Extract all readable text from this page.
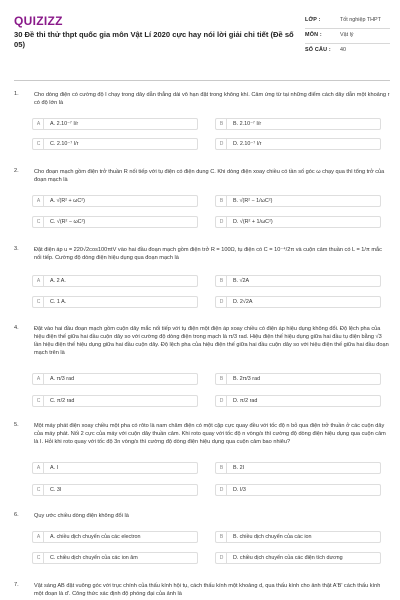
QUIZIZZ
30 Đề thi thử thpt quốc gia môn Vật Lí 2020 cực hay nói lời giải chi tiết (Đề số 05)
LỚP :	Tốt nghiệp THPT
MÔN :	Vật lý
SỐ CÂU :	40
1.	Cho dòng điện có cường độ I chạy trong dây dẫn thẳng dài vô hạn đặt trong không khí. Cảm ứng từ tại những điểm cách dây dẫn một khoảng r có độ lớn là
A	A. 2.10⁻⁷ I/r	B	B. 2.10⁻⁷ I/r
C	C. 2.10⁻⁷ I/r	D	D. 2.10⁻⁷ I/r
2.	Cho đoạn mạch gồm điện trở thuần R nối tiếp với tụ điện có điện dung C. Khi dòng điện xoay chiều có tần số góc ω chạy qua thì tổng trở của đoạn mạch là
A	A. √(R² + ωC²)	B	B. √(R² − 1/ωC²)
C	C. √(R² − ωC²)	D	D. √(R² + 1/ωC²)
3.	Đặt điện áp u = 220√2cos100πtV vào hai đầu đoạn mạch gồm điện trở R = 100Ω, tụ điện có C = 10⁻⁴/2π và cuộn cảm thuần có L = 1/π mắc nối tiếp. Cường độ dòng điện hiệu dụng qua đoạn mạch là
A	A. 2 A.	B	B. √2A
C	C. 1 A.	D	D. 2√2A
4.	Đặt vào hai đầu đoạn mạch gồm cuộn dây mắc nối tiếp với tụ điện một điện áp xoay chiều có điện áp hiệu dụng không đổi. Độ lệch pha của hiệu điện thế giữa hai đầu cuộn dây so với cường độ dòng điện trong mạch là π/3 rad. Hiệu điện thế hiệu dụng giữa hai đầu tụ điện bằng √3 lần hiệu điện thế hiệu dụng giữa hai đầu cuộn dây. Độ lệch pha của hiệu điện thế giữa hai đầu cuộn dây so với hiệu điện thế giữa hai đầu đoạn mạch trên là
A	A. π/3 rad	B	B. 2π/3 rad
C	C. π/2 rad	D	D. π/2 rad
5.	Một máy phát điện xoay chiều một pha có rôto là nam châm điện có một cặp cực quay đều với tốc độ n bỏ qua điện trở thuần ở các cuộn dây của máy phát. Nối 2 cực của máy với cuộn dây thuần cảm. Khi roto quay với tốc độ n vòng/s thì cường độ dòng điện hiệu dụng qua cuộn cảm là I. Hỏi khi roto quay với tốc độ 3n vòng/s thì cường độ dòng điện hiệu dụng qua cuộn cảm bao nhiêu?
A	A. I	B	B. 2I
C	C. 3I	D	D. I/3
6.	Quy ước chiều dòng điện không đổi là
A	A. chiều dịch chuyển của các electron	B	B. chiều dịch chuyển của các ion
C	C. chiều dịch chuyển của các ion âm	D	D. chiều dịch chuyển của các điện tích dương
7.	Vật sáng AB đặt vuông góc với trục chính của thấu kính hội tụ, cách thấu kính một khoảng d, qua thấu kính cho ảnh thật A'B' cách thấu kính một đoạn là d'. Công thức xác định độ phóng đại của ảnh là
